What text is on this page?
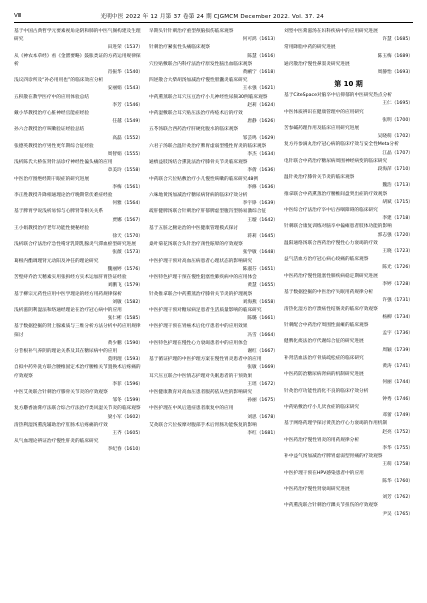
Ⅷ	光明中医 2022 年 12 月第 37 卷第 24 期 CJGMCM December 2022. Vol. 37. 24

基于中国古典哲学元要素视角论阴和肺的中医气阁构建及生理研究
田进荣（1537）

从《神农本草经》看《金匮要略》鼓胀类证的方药运用规律探析
肖振华（1540）

浅议四诊所及“补必用用也”的临床效应分析
安丽娟（1543）

五积散在教学医疗中的应用体验总结
李芳（1546）

戴小华教授治疗心脏神经官能症经验
任越（1549）

孙六合教授治疗咳嗽验证经验总结
高磊（1552）

张德英教授治疗男性更年期综合征经验
周智娟（1555）

浅析陈氏大桥伍肾针法诊疗神经性偏头痛的应用
章美玲（1558）

中医治疗围绝经期干眼症的研究进展
李梅（1561）

李正胜教授升降相通理论治疗晚期常伏难症经验
何雅（1564）

基于脾胃学说浅析易惊与心脾肾等相关关系
贾娜（1567）

王小娟教授治疗老年功能性便秘经验
徐天（1570）

浅析联合疗法治疗急性啃牙乳期乳腺炎气滞血瘀型研究进展
张薇（1573）

葛根内酯调理肾元动阳及冲任的理论研究
魏丽婷（1576）

苦壁痔乔治天精素实用张拆经方实术运加肝胃热证经验
刘鹏飞（1579）

基于柳宗元药性应用中医学理论的经方用药规律探析
刘敏（1582）

浅析滋阴利湿法和络通经理论在治疗冠心病中的应用
张仁彬（1585）

基于数据挖掘的肾上腺素质与三维分析方法分析中药应用规律探讨
黄少鹏（1590）

分苷根补气养阴的理论关系及其在糖尿病中的应用
莫明理（1593）

自拟中药外洗方联合腰椎固定术治疗腰椎关节置换术后疼痛的疗效观察
李菲（1596）

中医艾灸联合针刺治疗膝骨关节炎的疗效观察
邹冬（1599）

复方麝香油膏疗法联合综合疗法治疗类风湿关节炎的临床观察
梁小军（1602）

清热利湿汤熏洗辅助治疗肛肠术后疼痛的疗效
王齐（1605）

从气血理论辨证治疗慢性肝炎的临床研究
李纪春（1610）

早期头针针刺治疗重型颅脑损伤临床观察
何可鸿（1613）

针刺治疗紧张性头痛临床观察
陈慧（1616）

穴位贴敷联合内科疗法治疗原发性脑出血临床观察
黄鹂宁（1618）

四逆散合大柴胡汤加减治疗慢性胆囊炎临床研究
王永强（1621）

中药熏蒸联合耳穴压豆治疗小儿神经性尿频30例临床观察
赵莉（1624）

中药湿敷联合耳穴贴压法治疗痔疮术后的疗效
唐静（1626）

五苓汤联合西药治疗肝硬化腹水的临床观察
邹芸鸣（1629）

六君子汤联合温针灸治疗脾胃虚弱型慢性胃炎的临床观察
李杰（1634）

通痹益肢汤结合熏洗法治疗膝骨关节炎临床观察
李倩（1636）

中药联合穴位贴敷治疗小儿慢性咳嗽的临床研究48例
李修（1636）

六味地黄汤加减治疗糖尿病肾病的临床疗效分析
李宇铮（1639）

疏肝健脾汤联合针刺治疗肝郁脾虚型腹泻型肠易激综合征
王璇（1642）

基于五脏之腑论治的中医健康管理模式探讨
蒋莉（1645）

桑叶菊花汤联合头针治疗颈性眩晕的疗效观察
张学敏（1648）

中医护理干预对高血压病患者心理状态的影响研究
陈淑芬（1651）

中医特色护理干预在慢性阻塞性肺疾病中的应用体会
黄慧（1655）

针灸推拿联合中药熏蒸治疗膝骨关节炎的护理观察
刘海燕（1658）

中医护理干预对糖尿病足患者生活质量影响的临床研究
陈璐（1661）

中医护理干预在胃癌术后化疗患者中的应用效果
冯雪（1664）

中医特色护理在慢性心力衰竭患者中的应用体会
谢红（1667）

基于循证护理的中医护理方案在慢性胃炎患者中的应用
张敏（1669）

耳穴压豆联合中医情志护理对失眠患者的干预效果
王瑶（1672）

中医健康教育对高血压患者服药依从性的影响研究
孙丽（1675）

中医护理在中风后遗症患者康复中的应用
刘思（1678）

艾灸联合穴位按摩对腹部手术后胃肠功能恢复的影响
李红（1681）

刘型中医膏滋汤在妇科疾病中的应用研究进展
许慧（1685）

常用降脂中药的研究进展
陈玉梅（1689）

通窍散治疗慢性鼻窦炎研究进展
周静怡（1693）

第 10 期

基于CiteSpace对脑卒中后抑郁的中医研究热点分析
王仁（1695）

中医体质辨识在健康管理中的应用研究
张明（1700）

苦参碱药理作用及临床应用研究进展
吴晓萌（1702）

复方丹参滴丸治疗冠心病的临床疗效与安全性Meta分析
江晶（1707）

电针联合中药治疗糖尿病周围神经病变的临床研究
段海萍（1710）

温针灸治疗膝骨关节炎的临床观察
魏浩（1713）

推拿联合中药熏蒸治疗腰椎间盘突出症的疗效观察
胡斌（1715）

中医综合疗法治疗卒中后吞咽障碍的临床研究
李建（1718）

针刺联合康复训练对脑卒中偏瘫患者肢体功能的影响
郭志强（1720）

温阳通络汤联合西药治疗慢性心力衰竭的疗效
王晓（1723）

益气活血方治疗冠心病心绞痛的临床观察
陈光（1726）

中医药治疗慢性阻塞性肺疾病稳定期研究进展
李婷（1728）

基于数据挖掘的中医治疗失眠用药规律分析
许强（1731）

清热化湿方治疗溃疡性结肠炎的临床疗效观察
杨柳（1734）

针刺配合中药治疗周围性面瘫的临床观察
孟宇（1736）

健脾化痰法治疗代谢综合征的研究进展
周颖（1739）

补肾活血法治疗骨质疏松症的临床研究
黄涛（1741）

中医药防治糖尿病肾病的机制研究进展
何丽（1744）

针灸治疗功能性消化不良的临床疗效分析
钟秀（1746）

中药贴敷治疗小儿厌食症的临床研究
邓蕾（1749）

基于网络药理学探讨黄芪治疗心力衰竭的作用机制
赵亮（1752）

中医药治疗慢性胃炎的用药规律分析
李华（1755）

补中益气汤加减治疗脾胃虚弱型胃痛的疗效观察
王萌（1758）

中医护理干预在HPV感染患者中的应用
陈华（1760）

中医药治疗慢性肾衰竭研究进展
刘芳（1762）

中药熏洗联合针刺治疗踝关节扭伤的疗效观察
尹吴（1765）
